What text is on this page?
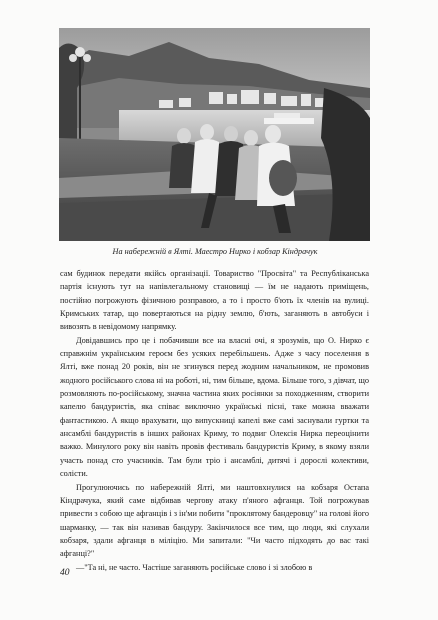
На набережній в Ялті. Маестро Нирко і кобзар Кіндрачук

сам будинок передати якійсь організації. Товариство "Просвіта" та Республіканська партія існують тут на напівлегальному становищі — їм не надають приміщень, постійно погрожують фізичною розправою, а то і просто б'ють їх членів на вулиці. Кримських татар, що повертаються на рідну землю, б'ють, заганяють в автобуси і вивозять в невідомому напрямку.

Довідавшись про це і побачивши все на власні очі, я зрозумів, що О. Нирко є справжнім українським героєм без усяких перебільшень. Адже з часу поселення в Ялті, вже понад 20 років, він не згинувся перед жодним начальником, не промовив жодного російського слова ні на роботі, ні, тим більше, вдома. Більше того, з дівчат, що розмовляють по-російському, значна частина яких росіянки за походженням, створити капелю бандуристів, яка співає виключно українські пісні, таке можна вважати фантастикою. А якщо врахувати, що випускниці капелі вже самі заснували гуртки та ансамблі бандуристів в інших районах Криму, то подвиг Олексія Нирка переоцінити важко. Минулого року він навіть провів фестиваль бандуристів Криму, в якому взяли участь понад сто учасників. Там були тріо і ансамблі, дитячі і дорослі колективи, солісти.

Прогулюючись по набережній Ялті, ми наштовхнулися на кобзаря Остапа Кіндрачука, який саме відбивав чергову атаку п'яного афганця. Той погрожував привести з собою ще афганців і з ін'ми побити "проклятому бандеровцу" на голові його шарманку, — так він називав бандуру. Закінчилося все тим, що люди, які слухали кобзаря, здали афганця в міліцію. Ми запитали: "Чи часто підходять до вас такі афганці?"

—"Та ні, не часто. Частіше заганяють російське слово і зі злобою в

40
